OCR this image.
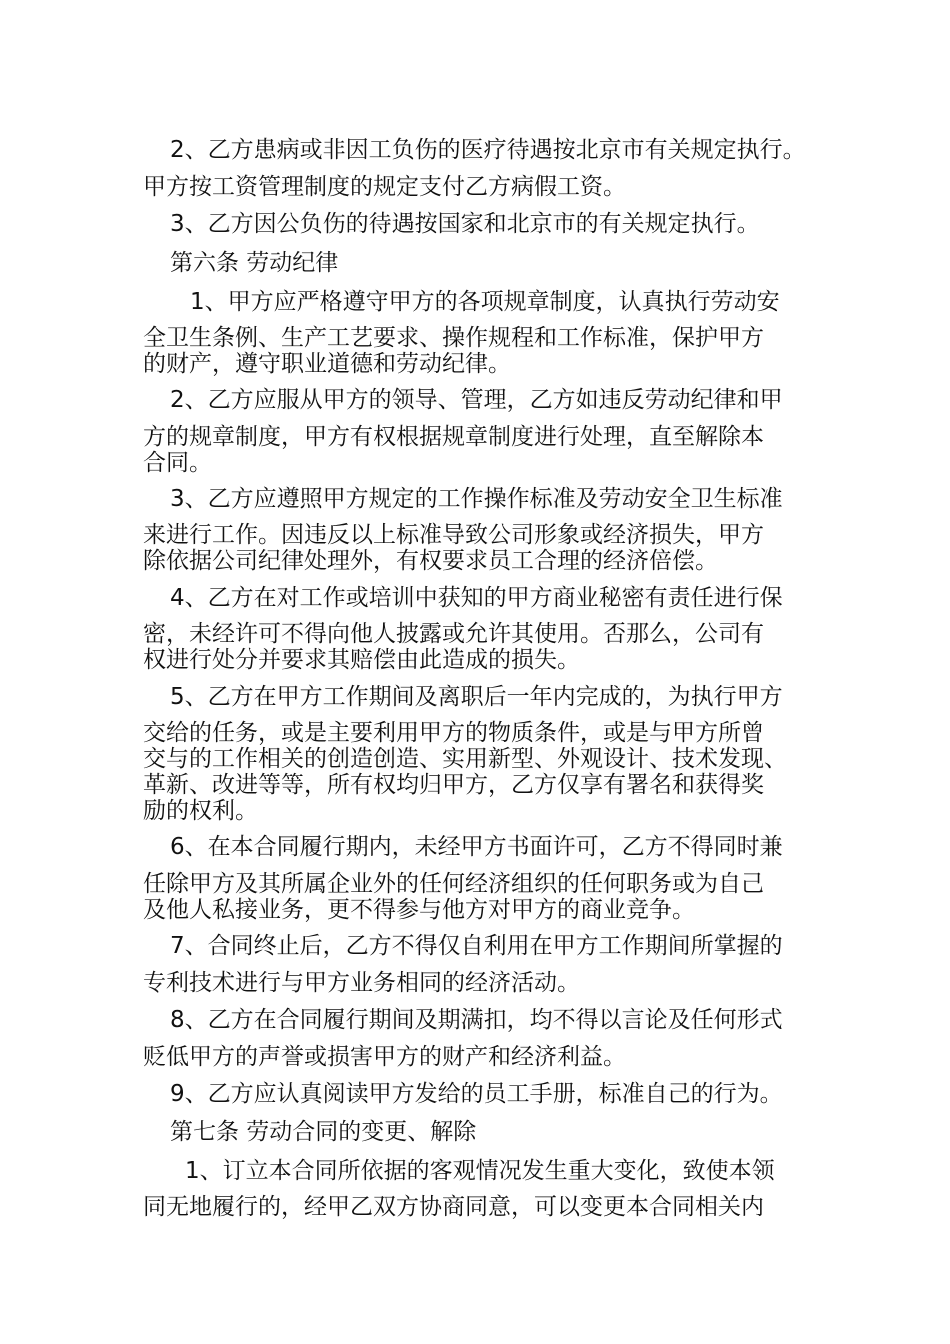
2、乙方患病或非因工负伤的医疗待遇按北京市有关规定执行。
甲方按工资管理制度的规定支付乙方病假工资。
3、乙方因公负伤的待遇按国家和北京市的有关规定执行。
第六条 劳动纪律
1、甲方应严格遵守甲方的各项规章制度，认真执行劳动安
全卫生条例、生产工艺要求、操作规程和工作标准，保护甲方
的财产，遵守职业道德和劳动纪律。
2、乙方应服从甲方的领导、管理，乙方如违反劳动纪律和甲
方的规章制度，甲方有权根据规章制度进行处理，直至解除本
合同。
3、乙方应遵照甲方规定的工作操作标准及劳动安全卫生标准
来进行工作。因违反以上标准导致公司形象或经济损失，甲方
除依据公司纪律处理外，有权要求员工合理的经济倍偿。
4、乙方在对工作或培训中获知的甲方商业秘密有责任进行保
密，未经许可不得向他人披露或允许其使用。否那么，公司有
权进行处分并要求其赔偿由此造成的损失。
5、乙方在甲方工作期间及离职后一年内完成的，为执行甲方
交给的任务，或是主要利用甲方的物质条件，或是与甲方所曾
交与的工作相关的创造创造、实用新型、外观设计、技术发现、
革新、改进等等，所有权均归甲方，乙方仅享有署名和获得奖
励的权利。
6、在本合同履行期内，未经甲方书面许可，乙方不得同时兼
任除甲方及其所属企业外的任何经济组织的任何职务或为自己
及他人私接业务，更不得参与他方对甲方的商业竞争。
7、合同终止后，乙方不得仅自利用在甲方工作期间所掌握的
专利技术进行与甲方业务相同的经济活动。
8、乙方在合同履行期间及期满扣，均不得以言论及任何形式
贬低甲方的声誉或损害甲方的财产和经济利益。
9、乙方应认真阅读甲方发给的员工手册，标准自己的行为。
第七条 劳动合同的变更、解除
1、订立本合同所依据的客观情况发生重大变化，致使本领
同无地履行的，经甲乙双方协商同意，可以变更本合同相关内
